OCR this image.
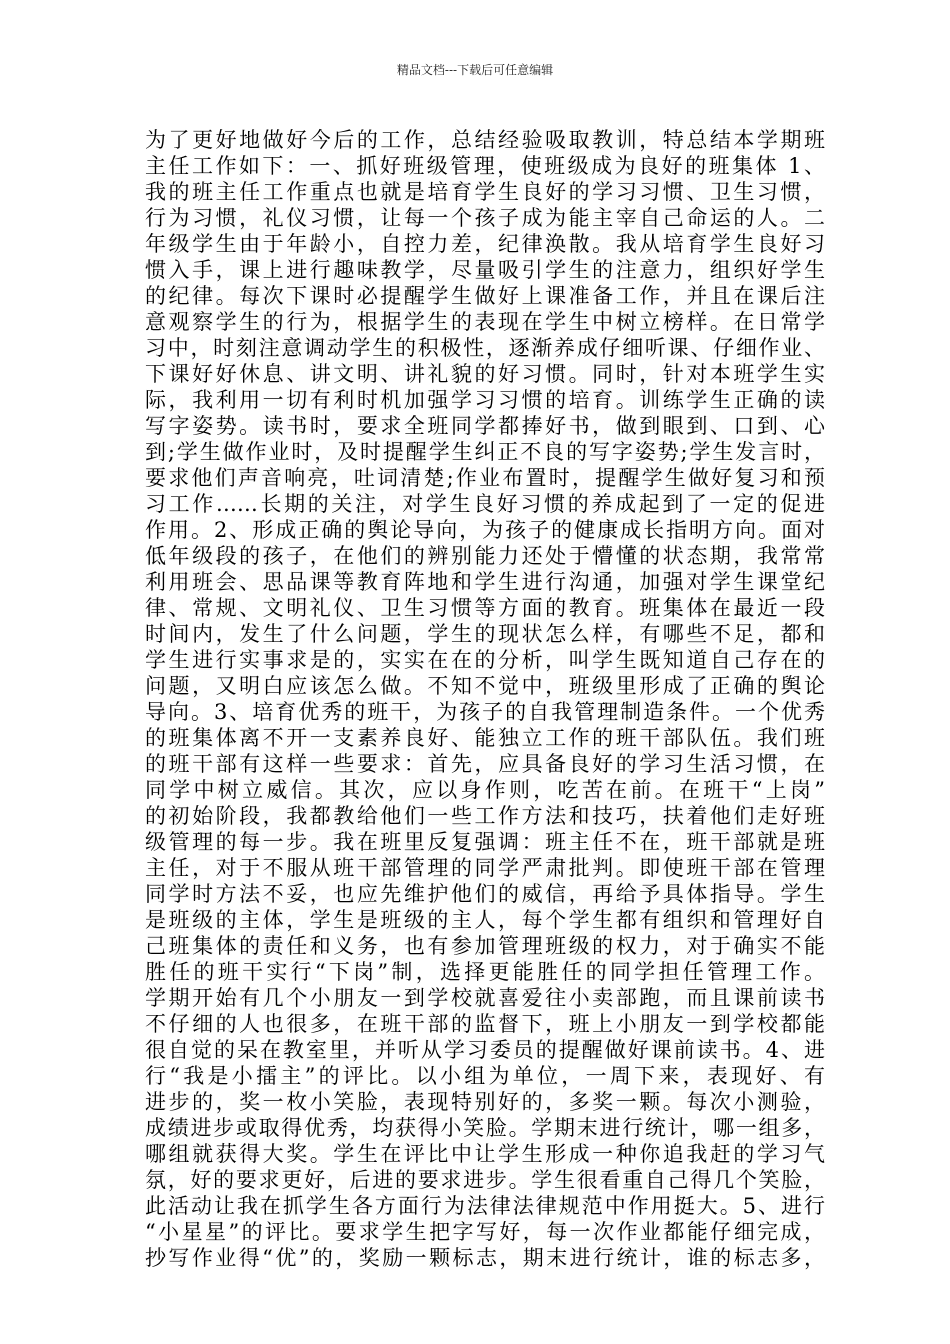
精品文档---下载后可任意编辑
为了更好地做好今后的工作，总结经验吸取教训，特总结本学期班
主任工作如下：一、抓好班级管理，使班级成为良好的班集体 1、
我的班主任工作重点也就是培育学生良好的学习习惯、卫生习惯，
行为习惯，礼仪习惯，让每一个孩子成为能主宰自己命运的人。二
年级学生由于年龄小，自控力差，纪律涣散。我从培育学生良好习
惯入手，课上进行趣味教学，尽量吸引学生的注意力，组织好学生
的纪律。每次下课时必提醒学生做好上课准备工作，并且在课后注
意观察学生的行为，根据学生的表现在学生中树立榜样。在日常学
习中，时刻注意调动学生的积极性，逐渐养成仔细听课、仔细作业、
下课好好休息、讲文明、讲礼貌的好习惯。同时，针对本班学生实
际，我利用一切有利时机加强学习习惯的培育。训练学生正确的读
写字姿势。读书时，要求全班同学都捧好书，做到眼到、口到、心
到;学生做作业时，及时提醒学生纠正不良的写字姿势;学生发言时，
要求他们声音响亮，吐词清楚;作业布置时，提醒学生做好复习和预
习工作……长期的关注，对学生良好习惯的养成起到了一定的促进
作用。2、形成正确的舆论导向，为孩子的健康成长指明方向。面对
低年级段的孩子，在他们的辨别能力还处于懵懂的状态期，我常常
利用班会、思品课等教育阵地和学生进行沟通，加强对学生课堂纪
律、常规、文明礼仪、卫生习惯等方面的教育。班集体在最近一段
时间内，发生了什么问题，学生的现状怎么样，有哪些不足，都和
学生进行实事求是的，实实在在的分析，叫学生既知道自己存在的
问题，又明白应该怎么做。不知不觉中，班级里形成了正确的舆论
导向。3、培育优秀的班干，为孩子的自我管理制造条件。一个优秀
的班集体离不开一支素养良好、能独立工作的班干部队伍。我们班
的班干部有这样一些要求：首先，应具备良好的学习生活习惯，在
同学中树立威信。其次，应以身作则，吃苦在前。在班干“上岗”
的初始阶段，我都教给他们一些工作方法和技巧，扶着他们走好班
级管理的每一步。我在班里反复强调：班主任不在，班干部就是班
主任，对于不服从班干部管理的同学严肃批判。即使班干部在管理
同学时方法不妥，也应先维护他们的威信，再给予具体指导。学生
是班级的主体，学生是班级的主人，每个学生都有组织和管理好自
己班集体的责任和义务，也有参加管理班级的权力，对于确实不能
胜任的班干实行“下岗”制，选择更能胜任的同学担任管理工作。
学期开始有几个小朋友一到学校就喜爱往小卖部跑，而且课前读书
不仔细的人也很多，在班干部的监督下，班上小朋友一到学校都能
很自觉的呆在教室里，并听从学习委员的提醒做好课前读书。4、进
行“我是小擂主”的评比。以小组为单位，一周下来，表现好、有
进步的，奖一枚小笑脸，表现特别好的，多奖一颗。每次小测验，
成绩进步或取得优秀，均获得小笑脸。学期末进行统计，哪一组多，
哪组就获得大奖。学生在评比中让学生形成一种你追我赶的学习气
氛，好的要求更好，后进的要求进步。学生很看重自己得几个笑脸，
此活动让我在抓学生各方面行为法律法律规范中作用挺大。5、进行
“小星星”的评比。要求学生把字写好，每一次作业都能仔细完成，
抄写作业得“优”的，奖励一颗标志，期末进行统计，谁的标志多，
